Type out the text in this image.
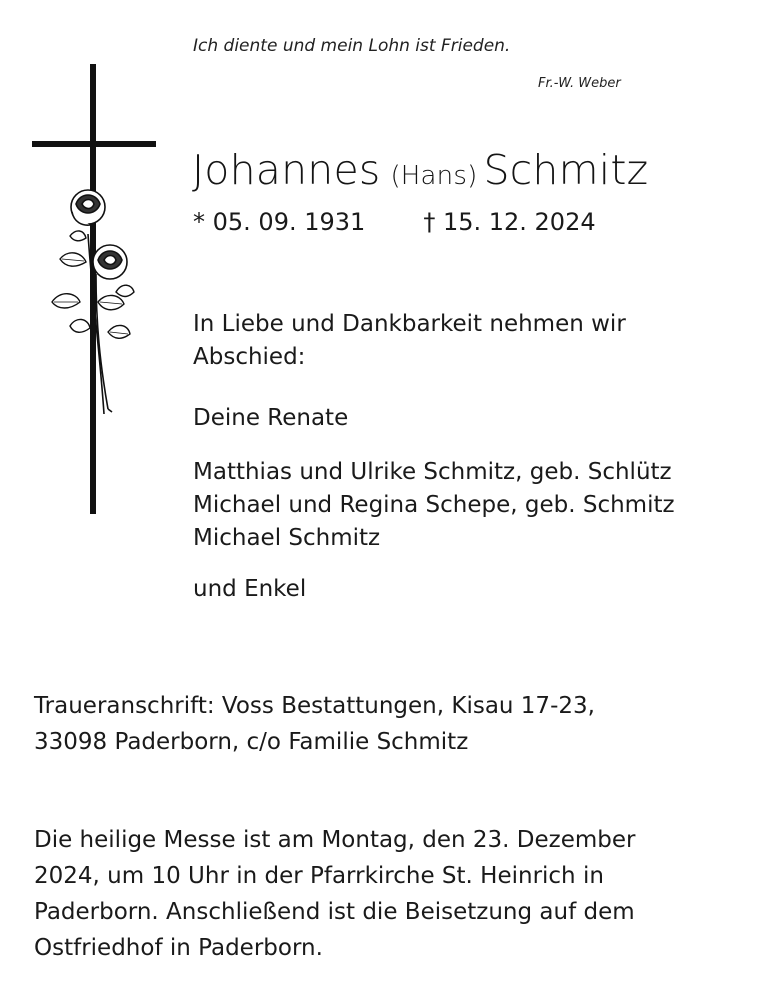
Ich diente und mein Lohn ist Frieden.
Fr.-W. Weber
Johannes (Hans) Schmitz
* 05. 09. 1931 † 15. 12. 2024
In Liebe und Dankbarkeit nehmen wir
Abschied:
Deine Renate
Matthias und Ulrike Schmitz, geb. Schlütz
Michael und Regina Schepe, geb. Schmitz
Michael Schmitz
und Enkel
Traueranschrift: Voss Bestattungen, Kisau 17-23,
33098 Paderborn, c/o Familie Schmitz
Die heilige Messe ist am Montag, den 23. Dezember
2024, um 10 Uhr in der Pfarrkirche St. Heinrich in
Paderborn. Anschließend ist die Beisetzung auf dem
Ostfriedhof in Paderborn.
